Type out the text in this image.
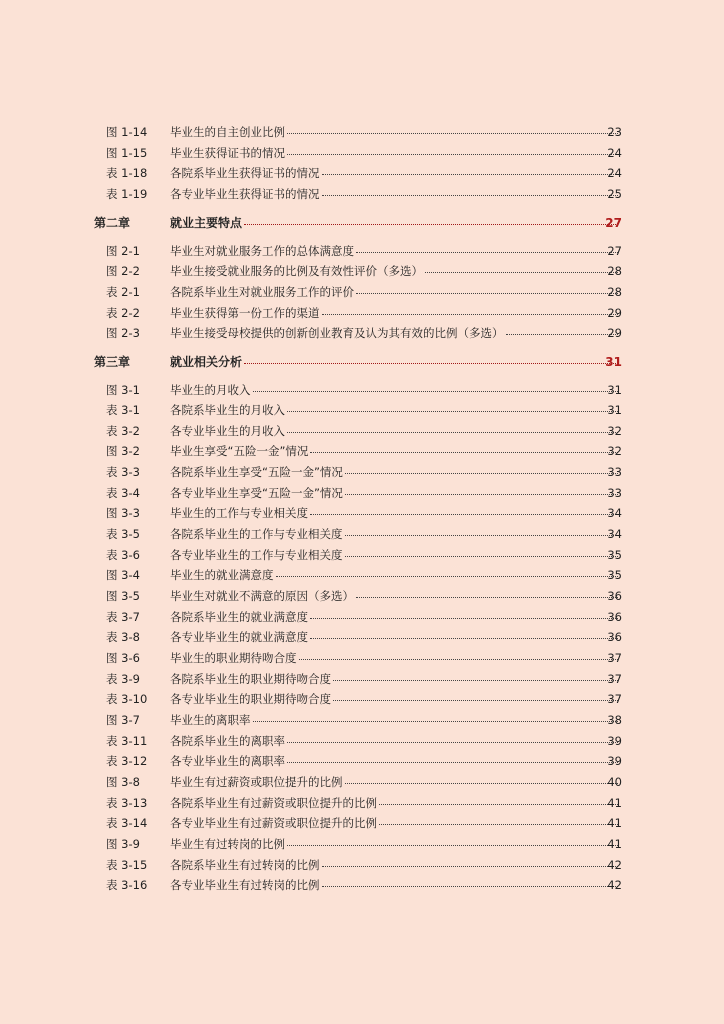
图 1-14	毕业生的自主创业比例	23
图 1-15	毕业生获得证书的情况	24
表 1-18	各院系毕业生获得证书的情况	24
表 1-19	各专业毕业生获得证书的情况	25
第二章	就业主要特点	27
图 2-1	毕业生对就业服务工作的总体满意度	27
图 2-2	毕业生接受就业服务的比例及有效性评价（多选）	28
表 2-1	各院系毕业生对就业服务工作的评价	28
表 2-2	毕业生获得第一份工作的渠道	29
图 2-3	毕业生接受母校提供的创新创业教育及认为其有效的比例（多选）	29
第三章	就业相关分析	31
图 3-1	毕业生的月收入	31
表 3-1	各院系毕业生的月收入	31
表 3-2	各专业毕业生的月收入	32
图 3-2	毕业生享受“五险一金”情况	32
表 3-3	各院系毕业生享受“五险一金”情况	33
表 3-4	各专业毕业生享受“五险一金”情况	33
图 3-3	毕业生的工作与专业相关度	34
表 3-5	各院系毕业生的工作与专业相关度	34
表 3-6	各专业毕业生的工作与专业相关度	35
图 3-4	毕业生的就业满意度	35
图 3-5	毕业生对就业不满意的原因（多选）	36
表 3-7	各院系毕业生的就业满意度	36
表 3-8	各专业毕业生的就业满意度	36
图 3-6	毕业生的职业期待吻合度	37
表 3-9	各院系毕业生的职业期待吻合度	37
表 3-10	各专业毕业生的职业期待吻合度	37
图 3-7	毕业生的离职率	38
表 3-11	各院系毕业生的离职率	39
表 3-12	各专业毕业生的离职率	39
图 3-8	毕业生有过薪资或职位提升的比例	40
表 3-13	各院系毕业生有过薪资或职位提升的比例	41
表 3-14	各专业毕业生有过薪资或职位提升的比例	41
图 3-9	毕业生有过转岗的比例	41
表 3-15	各院系毕业生有过转岗的比例	42
表 3-16	各专业毕业生有过转岗的比例	42
